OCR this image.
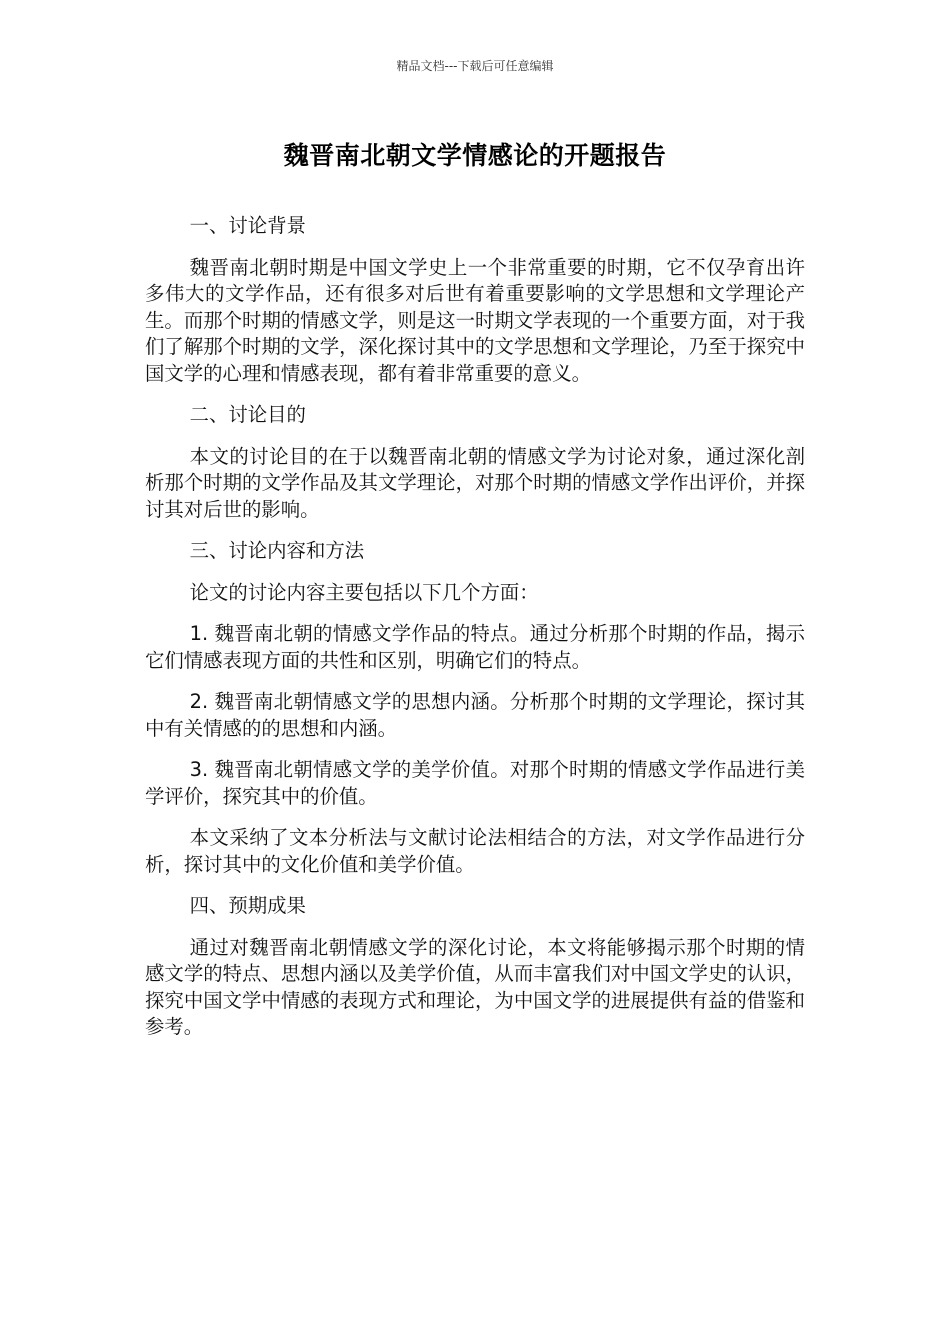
精品文档---下载后可任意编辑
魏晋南北朝文学情感论的开题报告

一、讨论背景

魏晋南北朝时期是中国文学史上一个非常重要的时期，它不仅孕育出许多伟大的文学作品，还有很多对后世有着重要影响的文学思想和文学理论产生。而那个时期的情感文学，则是这一时期文学表现的一个重要方面，对于我们了解那个时期的文学，深化探讨其中的文学思想和文学理论，乃至于探究中国文学的心理和情感表现，都有着非常重要的意义。

二、讨论目的

本文的讨论目的在于以魏晋南北朝的情感文学为讨论对象，通过深化剖析那个时期的文学作品及其文学理论，对那个时期的情感文学作出评价，并探讨其对后世的影响。

三、讨论内容和方法

论文的讨论内容主要包括以下几个方面：

1. 魏晋南北朝的情感文学作品的特点。通过分析那个时期的作品，揭示它们情感表现方面的共性和区别，明确它们的特点。

2. 魏晋南北朝情感文学的思想内涵。分析那个时期的文学理论，探讨其中有关情感的的思想和内涵。

3. 魏晋南北朝情感文学的美学价值。对那个时期的情感文学作品进行美学评价，探究其中的价值。

本文采纳了文本分析法与文献讨论法相结合的方法，对文学作品进行分析，探讨其中的文化价值和美学价值。

四、预期成果

通过对魏晋南北朝情感文学的深化讨论，本文将能够揭示那个时期的情感文学的特点、思想内涵以及美学价值，从而丰富我们对中国文学史的认识，探究中国文学中情感的表现方式和理论，为中国文学的进展提供有益的借鉴和参考。
